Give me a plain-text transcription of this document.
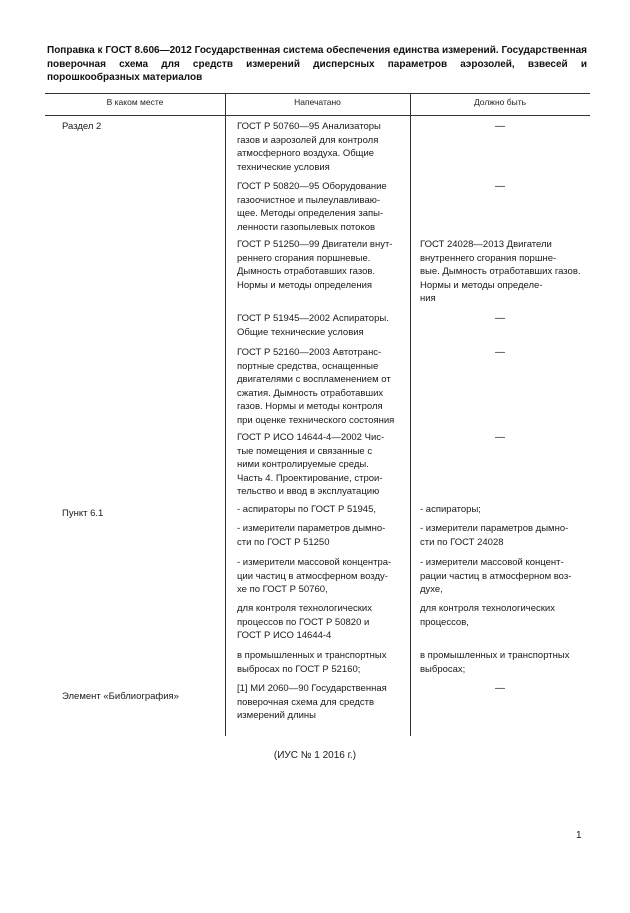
Поправка к ГОСТ 8.606—2012 Государственная система обеспечения единства измерений. Государственная поверочная схема для средств измерений дисперсных параметров аэрозолей, взвесей и порошкообразных материалов
В каком месте	Напечатано	Должно быть
Раздел 2
Пункт 6.1
Элемент «Библиография»
ГОСТ Р 50760—95 Анализаторы
газов и аэрозолей для контроля
атмосферного воздуха. Общие
технические условия
ГОСТ Р 50820—95 Оборудование
газоочистное и пылеулавливаю-
щее. Методы определения запы-
ленности газопылевых потоков
ГОСТ Р 51250—99 Двигатели внут-
реннего сгорания поршневые.
Дымность отработавших газов.
Нормы и методы определения
ГОСТ Р 51945—2002 Аспираторы.
Общие технические условия
ГОСТ Р 52160—2003 Автотранс-
портные средства, оснащенные
двигателями с воспламенением от
сжатия. Дымность отработавших
газов. Нормы и методы контроля
при оценке технического состояния
ГОСТ Р ИСО 14644-4—2002 Чис-
тые помещения и связанные с
ними контролируемые среды.
Часть 4. Проектирование, строи-
тельство и ввод в эксплуатацию
- аспираторы по ГОСТ Р 51945,
- измерители параметров дымно-
сти по ГОСТ Р 51250
- измерители массовой концентра-
ции частиц в атмосферном возду-
хе по ГОСТ Р 50760,
для контроля технологических
процессов по ГОСТ Р 50820 и
ГОСТ Р ИСО 14644-4
в промышленных и транспортных
выбросах по ГОСТ Р 52160;
[1] МИ 2060—90 Государственная
поверочная схема для средств
измерений длины
—
—
ГОСТ 24028—2013 Двигатели
внутреннего сгорания поршне-
вые. Дымность отработавших газов.
Нормы и методы определе-
ния
—
—
—
- аспираторы;
- измерители параметров дымно-
сти по ГОСТ 24028
- измерители массовой концент-
рации частиц в атмосферном воз-
духе,
для контроля технологических
процессов,
в промышленных и транспортных
выбросах;
—
(ИУС № 1 2016 г.)
1
